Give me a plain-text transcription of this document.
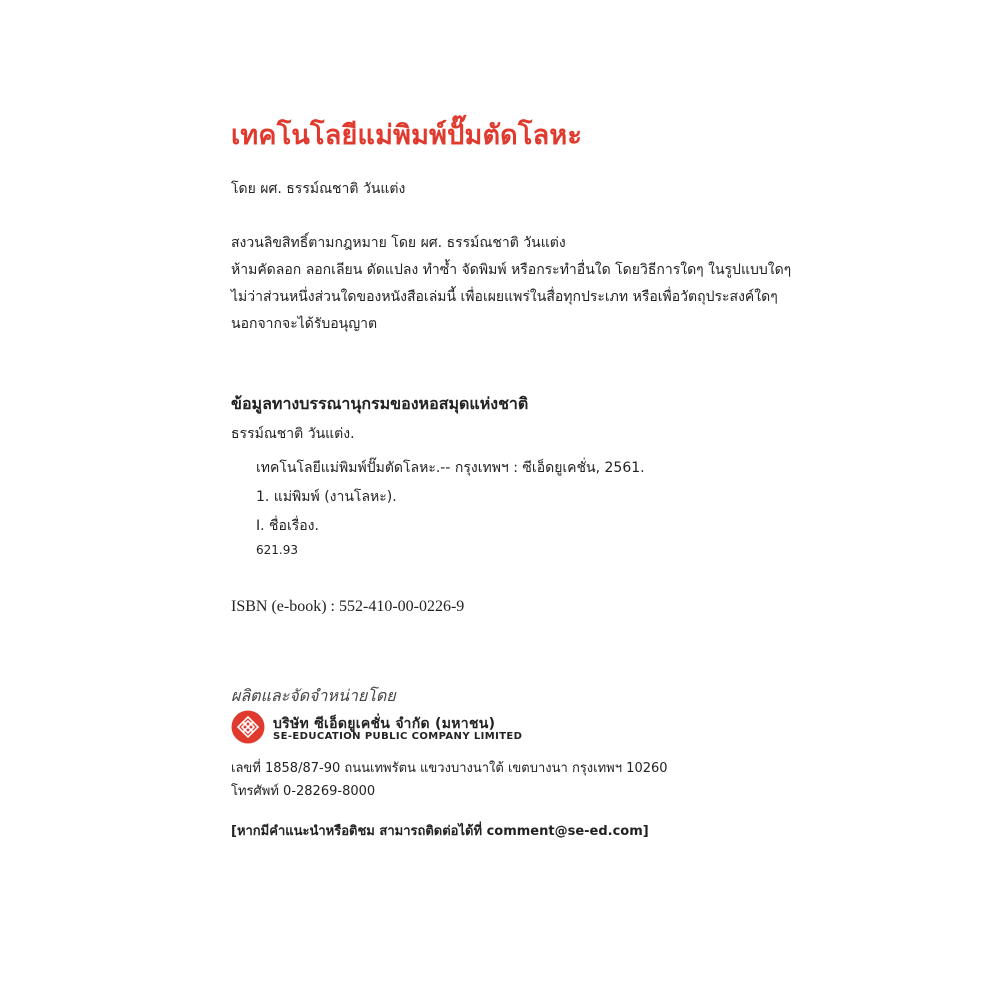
เทคโนโลยีแม่พิมพ์ปั๊มตัดโลหะ
โดย ผศ. ธรรม์ณชาติ วันแต่ง
สงวนลิขสิทธิ์ตามกฎหมาย โดย ผศ. ธรรม์ณชาติ วันแต่ง
ห้ามคัดลอก ลอกเลียน ดัดแปลง ทำซ้ำ จัดพิมพ์ หรือกระทำอื่นใด โดยวิธีการใดๆ ในรูปแบบใดๆ
ไม่ว่าส่วนหนึ่งส่วนใดของหนังสือเล่มนี้ เพื่อเผยแพร่ในสื่อทุกประเภท หรือเพื่อวัตถุประสงค์ใดๆ
นอกจากจะได้รับอนุญาต
ข้อมูลทางบรรณานุกรมของหอสมุดแห่งชาติ
ธรรม์ณชาติ วันแต่ง.
เทคโนโลยีแม่พิมพ์ปั๊มตัดโลหะ.-- กรุงเทพฯ : ซีเอ็ดยูเคชั่น, 2561.
1. แม่พิมพ์ (งานโลหะ).
I. ชื่อเรื่อง.
621.93
ISBN (e-book) : 552-410-00-0226-9
ผลิตและจัดจำหน่ายโดย
บริษัท ซีเอ็ดยูเคชั่น จำกัด (มหาชน)
SE-EDUCATION PUBLIC COMPANY LIMITED
เลขที่ 1858/87-90 ถนนเทพรัตน แขวงบางนาใต้ เขตบางนา กรุงเทพฯ 10260
โทรศัพท์ 0-28269-8000
[หากมีคำแนะนำหรือติชม สามารถติดต่อได้ที่ comment@se-ed.com]
